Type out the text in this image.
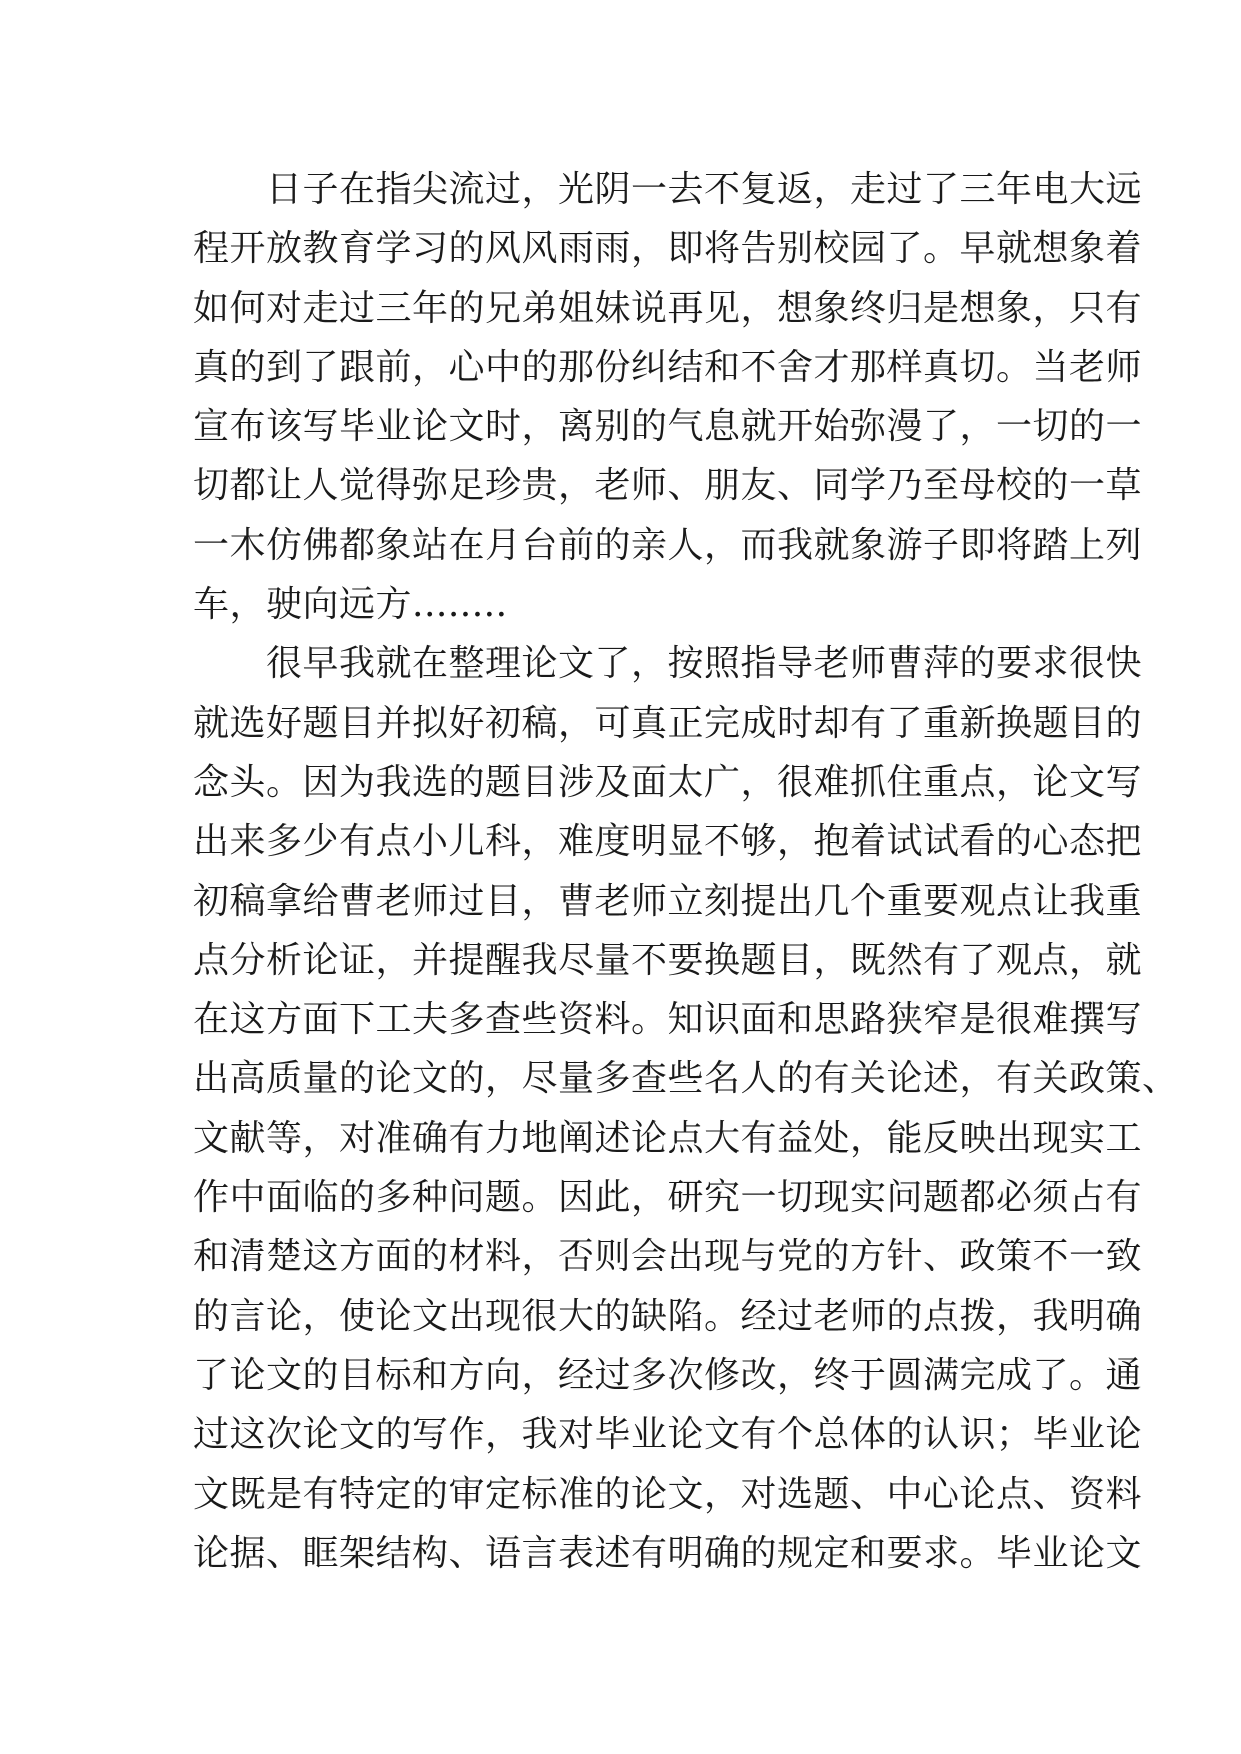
　　日子在指尖流过，光阴一去不复返，走过了三年电大远
程开放教育学习的风风雨雨，即将告别校园了。早就想象着
如何对走过三年的兄弟姐妹说再见，想象终归是想象，只有
真的到了跟前，心中的那份纠结和不舍才那样真切。当老师
宣布该写毕业论文时，离别的气息就开始弥漫了，一切的一
切都让人觉得弥足珍贵，老师、朋友、同学乃至母校的一草
一木仿佛都象站在月台前的亲人，而我就象游子即将踏上列
车，驶向远方........
　　很早我就在整理论文了，按照指导老师曹萍的要求很快
就选好题目并拟好初稿，可真正完成时却有了重新换题目的
念头。因为我选的题目涉及面太广，很难抓住重点，论文写
出来多少有点小儿科，难度明显不够，抱着试试看的心态把
初稿拿给曹老师过目，曹老师立刻提出几个重要观点让我重
点分析论证，并提醒我尽量不要换题目，既然有了观点，就
在这方面下工夫多查些资料。知识面和思路狭窄是很难撰写
出高质量的论文的，尽量多查些名人的有关论述，有关政策、
文献等，对准确有力地阐述论点大有益处，能反映出现实工
作中面临的多种问题。因此，研究一切现实问题都必须占有
和清楚这方面的材料，否则会出现与党的方针、政策不一致
的言论，使论文出现很大的缺陷。经过老师的点拨，我明确
了论文的目标和方向，经过多次修改，终于圆满完成了。通
过这次论文的写作，我对毕业论文有个总体的认识；毕业论
文既是有特定的审定标准的论文，对选题、中心论点、资料
论据、眶架结构、语言表述有明确的规定和要求。毕业论文
